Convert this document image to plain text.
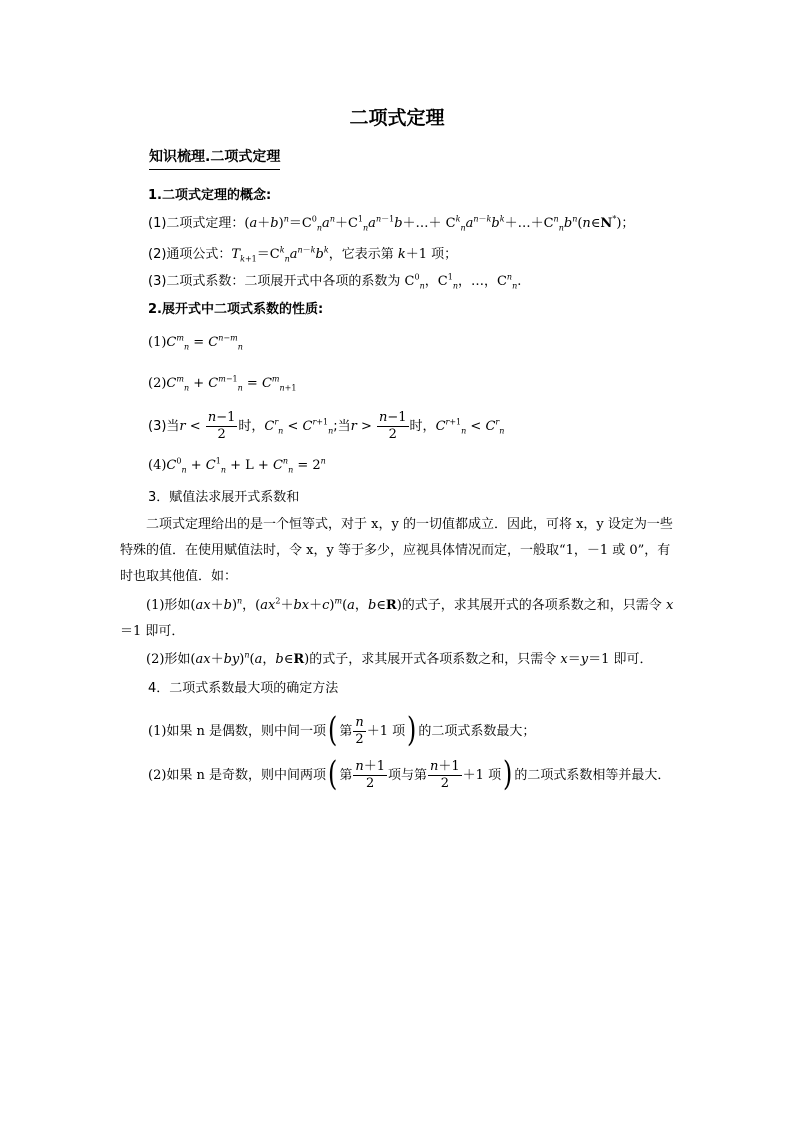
二项式定理
知识梳理.二项式定理
1.二项式定理的概念:
(1)二项式定理：$(a+b)^n=C^0_na^n+C^1_na^{n-1}b+\dots+$ $C^k_na^{n-k}b^k+\dots+C^n_nb^n(n\in N^*)$；
(2)通项公式：$T_{k+1}=C^k_na^{n-k}b^k$，它表示第 k＋1 项；
(3)二项式系数：二项展开式中各项的系数为 $C^0_n$，$C^1_n$，…，$C^n_n$.
2.展开式中二项式系数的性质:
$(1)C^m_n = C^{n-m}_n$
$(2)C^m_n + C^{m-1}_n = C^m_{n+1}$
(3)当$r < \frac{n-1}{2}$ 时，$C^r_n < C^{r+1}_n$;当$r > \frac{n-1}{2}$ 时，$C^{r+1}_n < C^r_n$
$(4)C^0_n + C^1_n + L + C^n_n = 2^n$
3．赋值法求展开式系数和
二项式定理给出的是一个恒等式，对于 x，y 的一切值都成立．因此，可将 x，y 设定为一些特殊的值．在使用赋值法时，令 x，y 等于多少，应视具体情况而定，一般取“1，－1 或 0”，有时也取其他值．如：
(1)形如$(ax+b)^n$，$(ax^2+bx+c)^m(a$，b∈R)的式子，求其展开式的各项系数之和，只需令 x＝1 即可．
(2)形如$(ax+by)^n(a$，b∈R)的式子，求其展开式各项系数之和，只需令 x＝y＝1 即可．
4．二项式系数最大项的确定方法
(1)如果 n 是偶数，则中间一项( 第 $\frac{n}{2} +1$ 项) 的二项式系数最大；
(2)如果 n 是奇数，则中间两项( 第 $\frac{n+1}{2}$ 项与第 $\frac{n+1}{2} +1$ 项) 的二项式系数相等并最大．
